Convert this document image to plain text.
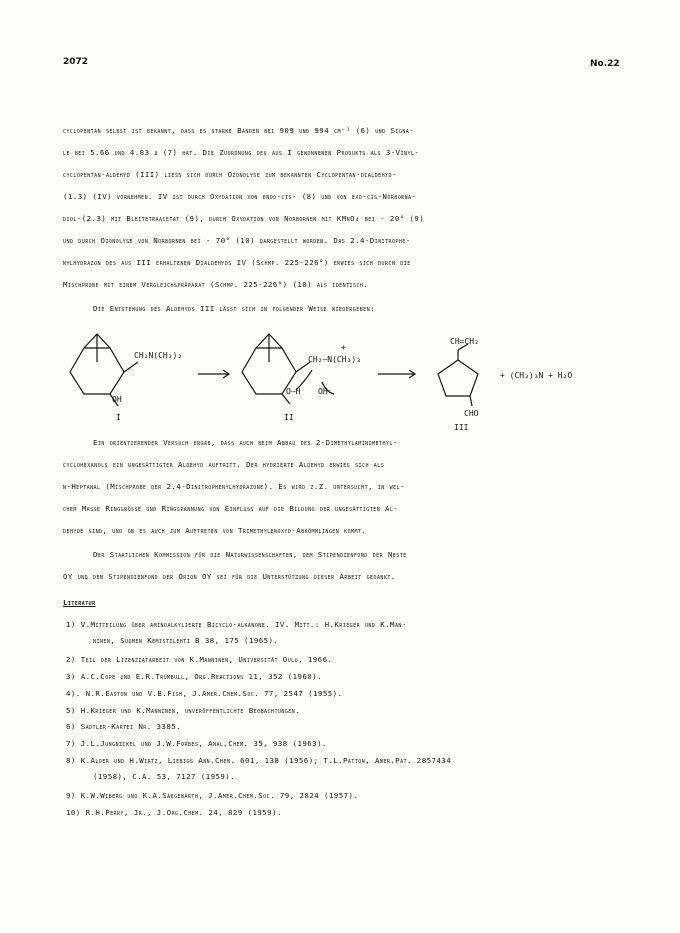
2072	No.22
cyclopentan selbst ist bekannt, dass es starke Banden bei 909 und 994 cm⁻¹ (6) und Signa-
le bei 5.66 und 4.83 δ (7) hat. Die Zuordnung des aus I gewonnenen Produkts als 3-Vinyl-
cyclopentan-aldehyd (III) liess sich durch Ozonolyse zum bekannten Cyclopentan-dialdehyd-
(1.3) (IV) vornehmen. IV ist durch Oxydation von endo-cis- (8) und von exo-cis-Norborna-
diol-(2.3) mit Bleitetraacetat (9), durch Oxydation von Norbornen mit KMnO₄ bei - 20° (9)
und durch Ozonolyse von Norbornen bei - 70° (10) dargestellt worden. Das 2.4-Dinitrophe-
nylhydrazon des aus III erhaltenen Dialdehyds IV (Schmp. 225-226°) erwies sich durch die
Mischprobe mit einem Vergleichspräparat (Schmp. 225-226°) (10) als identisch.
Die Entstehung des Aldehyds III lässt sich in folgender Weise wiedergeben:
CH₂N(CH₃)₂
OH
I
CH₂–N(CH₃)₃
+
O–H OH⁻
II
CH=CH₂
CHO
III
+ (CH₃)₃N + H₂O
Ein orientierender Versuch ergab, dass auch beim Abbau des 2-Dimethylaminomethyl-
cyclohexanols ein ungesättigter Aldehyd auftritt. Der hydrierte Aldehyd erwies sich als
n-Heptanal (Mischprobe der 2.4-Dinitrophenylhydrazone). Es wird z.Z. untersucht, in wel-
chem Masse Ringgrösse und Ringspannung von Einfluss auf die Bildung der ungesättigten Al-
dehyde sind, und ob es auch zum Auftreten von Trimethylenoxyd-Abkömmlingen kommt.
Der Staatlichen Kommission für die Naturwissenschaften, dem Stipendienfond der Neste
OY und dem Stipendienfond der Orion OY sei für die Unterstützung dieser Arbeit gedankt.
Literatur
1) V.Mitteilung über aminoalkylierte Bicyclo-alkanone. IV. Mitt.: H.Krieger und K.Man-
ninen, Suomen Kemistilehti B 38, 175 (1965).
2) Teil der Lizenziatarbeit von K.Manninen, Universität Oulu, 1966.
3) A.C.Cope und E.R.Trumbull, Org.Reactions 11, 352 (1960).
4). N.R.Easton und V.B.Fish, J.Amer.Chem.Soc. 77, 2547 (1955).
5) H.Krieger und K.Manninen, unveröffentlichte Beobachtungen.
6) Sadtler-Kartei Nr. 3385.
7) J.L.Jungnickel und J.W.Forbes, Anal.Chem. 35, 938 (1963).
8) K.Alder und H.Wirtz, Liebigs Ann.Chem. 601, 138 (1956); T.L.Patton, Amer.Pat. 2857434
(1958), C.A. 53, 7127 (1959).
9) K.W.Wiberg und K.A.Saegebarth, J.Amer.Chem.Soc. 79, 2824 (1957).
10) R.H.Perry, Jr., J.Org.Chem. 24, 829 (1959).
